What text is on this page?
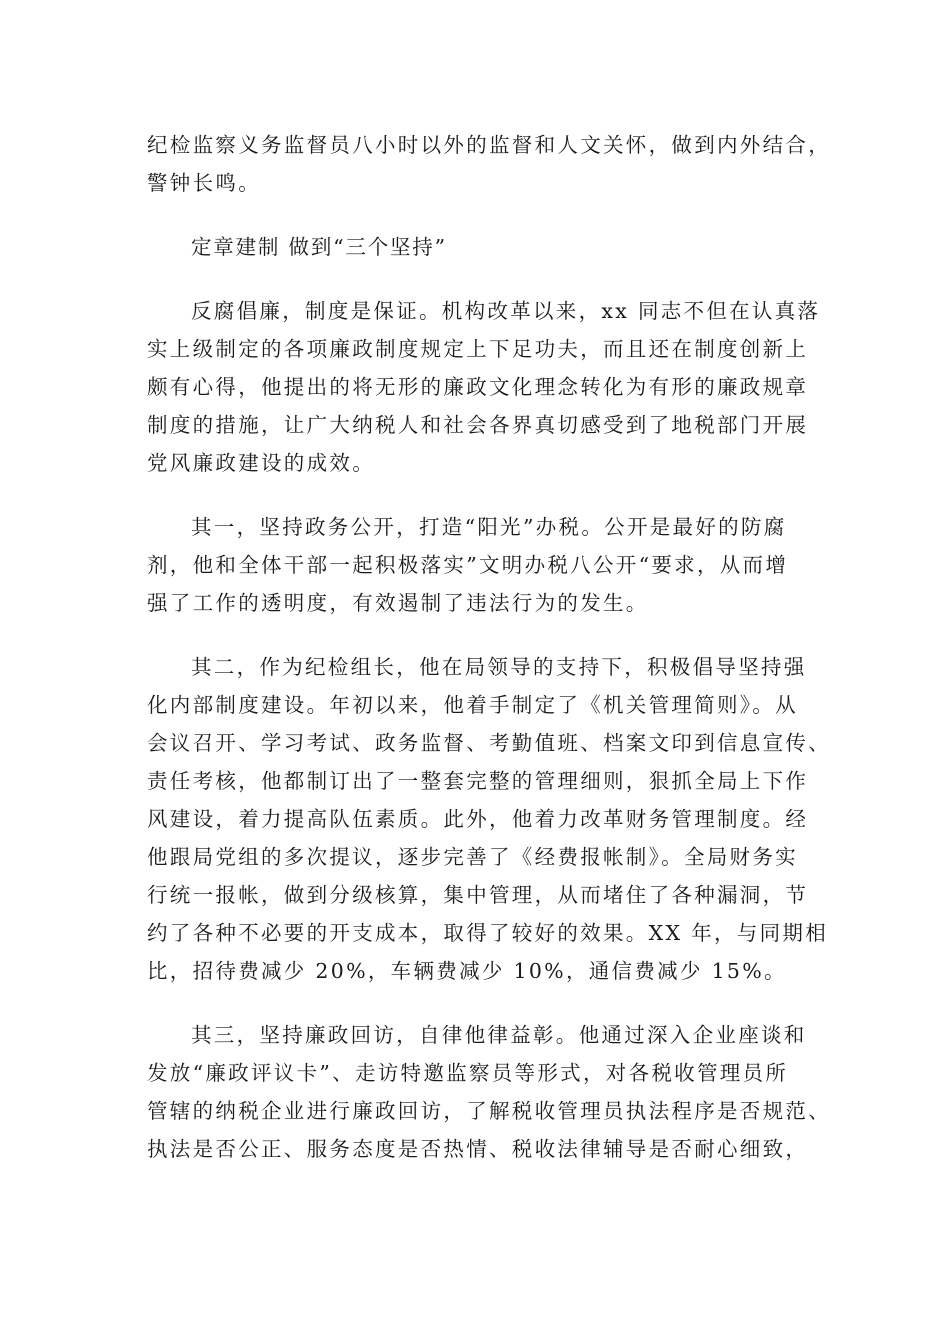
纪检监察义务监督员八小时以外的监督和人文关怀，做到内外结合，
警钟长鸣。

定章建制 做到“三个坚持”

反腐倡廉，制度是保证。机构改革以来，xx 同志不但在认真落
实上级制定的各项廉政制度规定上下足功夫，而且还在制度创新上
颇有心得，他提出的将无形的廉政文化理念转化为有形的廉政规章
制度的措施，让广大纳税人和社会各界真切感受到了地税部门开展
党风廉政建设的成效。

其一，坚持政务公开，打造“阳光”办税。公开是最好的防腐
剂，他和全体干部一起积极落实”文明办税八公开“要求，从而增
强了工作的透明度，有效遏制了违法行为的发生。

其二，作为纪检组长，他在局领导的支持下，积极倡导坚持强
化内部制度建设。年初以来，他着手制定了《机关管理简则》。从
会议召开、学习考试、政务监督、考勤值班、档案文印到信息宣传、
责任考核，他都制订出了一整套完整的管理细则，狠抓全局上下作
风建设，着力提高队伍素质。此外，他着力改革财务管理制度。经
他跟局党组的多次提议，逐步完善了《经费报帐制》。全局财务实
行统一报帐，做到分级核算，集中管理，从而堵住了各种漏洞，节
约了各种不必要的开支成本，取得了较好的效果。XX 年，与同期相
比，招待费减少 20%，车辆费减少 10%，通信费减少 15%。

其三，坚持廉政回访，自律他律益彰。他通过深入企业座谈和
发放“廉政评议卡”、走访特邀监察员等形式，对各税收管理员所
管辖的纳税企业进行廉政回访，了解税收管理员执法程序是否规范、
执法是否公正、服务态度是否热情、税收法律辅导是否耐心细致，
